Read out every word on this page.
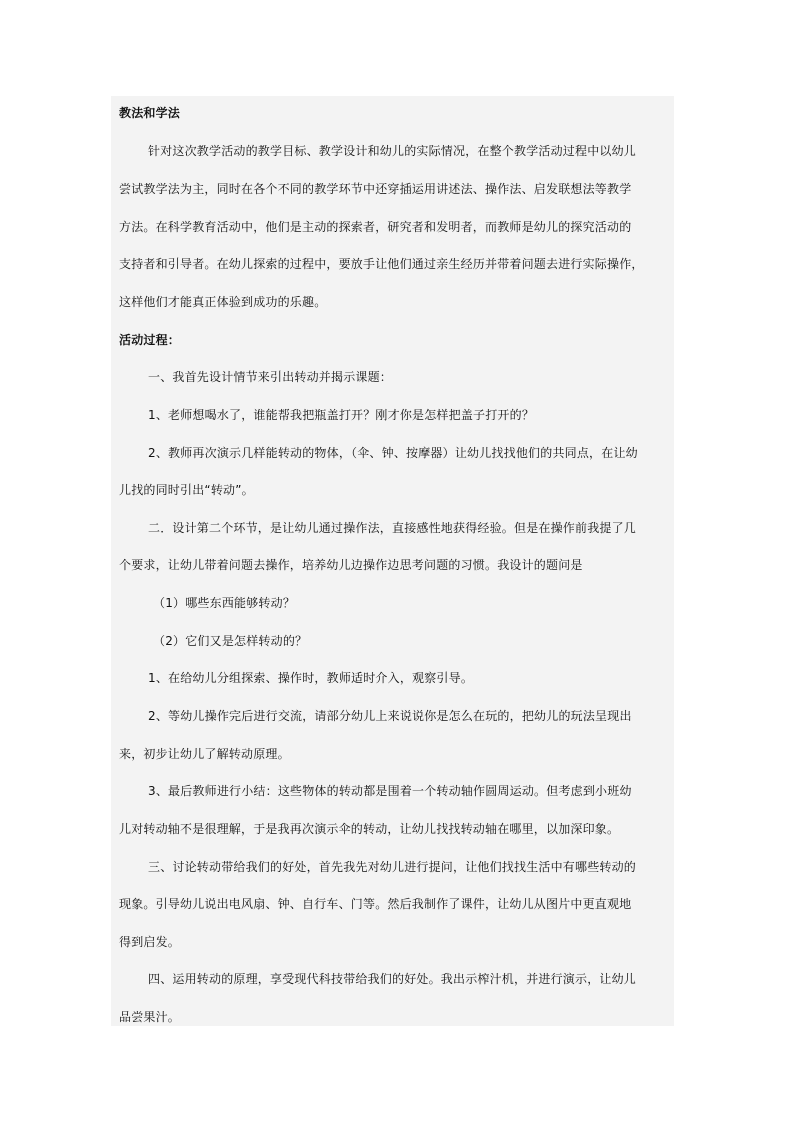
教法和学法
针对这次教学活动的教学目标、教学设计和幼儿的实际情况，在整个教学活动过程中以幼儿
尝试教学法为主，同时在各个不同的教学环节中还穿插运用讲述法、操作法、启发联想法等教学
方法。在科学教育活动中，他们是主动的探索者，研究者和发明者，而教师是幼儿的探究活动的
支持者和引导者。在幼儿探索的过程中，要放手让他们通过亲生经历并带着问题去进行实际操作，
这样他们才能真正体验到成功的乐趣。
活动过程：
一、我首先设计情节来引出转动并揭示课题：
1、老师想喝水了，谁能帮我把瓶盖打开？刚才你是怎样把盖子打开的？
2、教师再次演示几样能转动的物体，（伞、钟、按摩器）让幼儿找找他们的共同点，在让幼
儿找的同时引出“转动”。
二．设计第二个环节，是让幼儿通过操作法，直接感性地获得经验。但是在操作前我提了几
个要求，让幼儿带着问题去操作，培养幼儿边操作边思考问题的习惯。我设计的题问是
（1）哪些东西能够转动？
（2）它们又是怎样转动的？
1、在给幼儿分组探索、操作时，教师适时介入，观察引导。
2、等幼儿操作完后进行交流，请部分幼儿上来说说你是怎么在玩的，把幼儿的玩法呈现出
来，初步让幼儿了解转动原理。
3、最后教师进行小结：这些物体的转动都是围着一个转动轴作圆周运动。但考虑到小班幼
儿对转动轴不是很理解，于是我再次演示伞的转动，让幼儿找找转动轴在哪里，以加深印象。
三、讨论转动带给我们的好处，首先我先对幼儿进行提问，让他们找找生活中有哪些转动的
现象。引导幼儿说出电风扇、钟、自行车、门等。然后我制作了课件，让幼儿从图片中更直观地
得到启发。
四、运用转动的原理，享受现代科技带给我们的好处。我出示榨汁机，并进行演示，让幼儿
品尝果汁。
